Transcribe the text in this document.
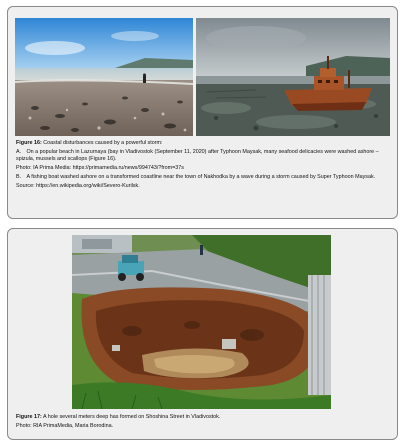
Figure 16: Coastal disturbances caused by a powerful storm:

A. On a popular beach in Lazurnaya (bay in Vladivostok (September 11, 2020) after Typhoon Maysak, many seafood delicacies were washed ashore – spizula, mussels and scallops (Figure 16).

Photo: IA Prima Media: https://primamedia.ru/news/994743/?from=37s

B. A fishing boat washed ashore on a transformed coastline near the town of Nakhodka by a wave during a storm caused by Super Typhoon Maysak.

Source: https://en.wikipedia.org/wiki/Severo-Kurilsk.

Figure 17: A hole several meters deep has formed on Shoshina Street in Vladivostok.

Photo: RIA PrimaMedia, Maria Borodina.
